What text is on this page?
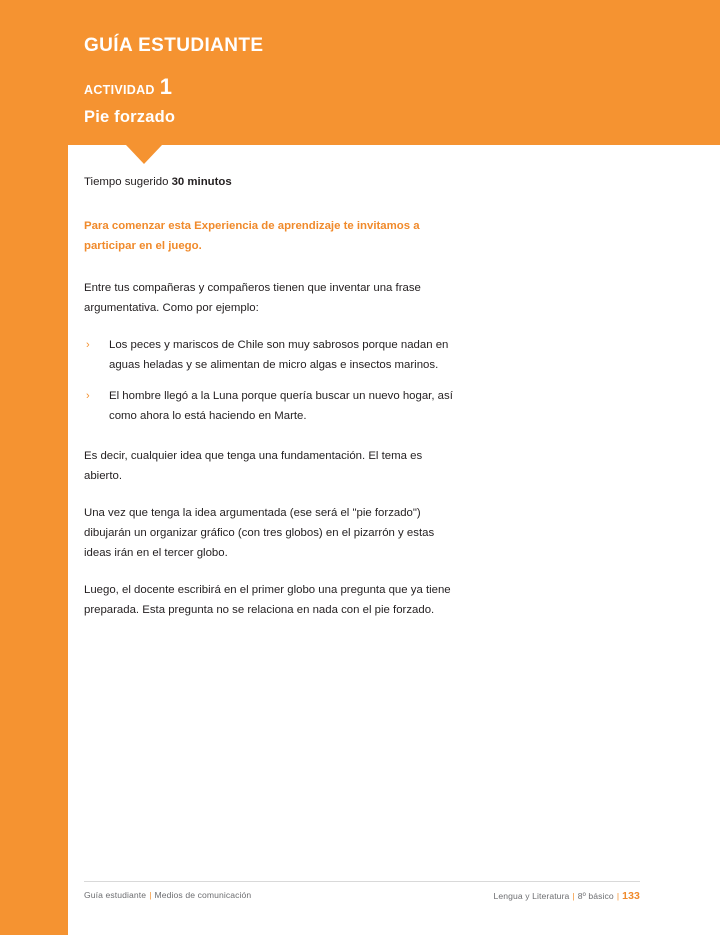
GUÍA ESTUDIANTE
ACTIVIDAD 1
Pie forzado

Tiempo sugerido 30 minutos

Para comenzar esta Experiencia de aprendizaje te invitamos a participar en el juego.

Entre tus compañeras y compañeros tienen que inventar una frase argumentativa. Como por ejemplo:

› Los peces y mariscos de Chile son muy sabrosos porque nadan en aguas heladas y se alimentan de micro algas e insectos marinos.
› El hombre llegó a la Luna porque quería buscar un nuevo hogar, así como ahora lo está haciendo en Marte.

Es decir, cualquier idea que tenga una fundamentación. El tema es abierto.

Una vez que tenga la idea argumentada (ese será el "pie forzado") dibujarán un organizar gráfico (con tres globos) en el pizarrón y estas ideas irán en el tercer globo.

Luego, el docente escribirá en el primer globo una pregunta que ya tiene preparada. Esta pregunta no se relaciona en nada con el pie forzado.

Guía estudiante | Medios de comunicación	Lengua y Literatura | 8º básico | 133
